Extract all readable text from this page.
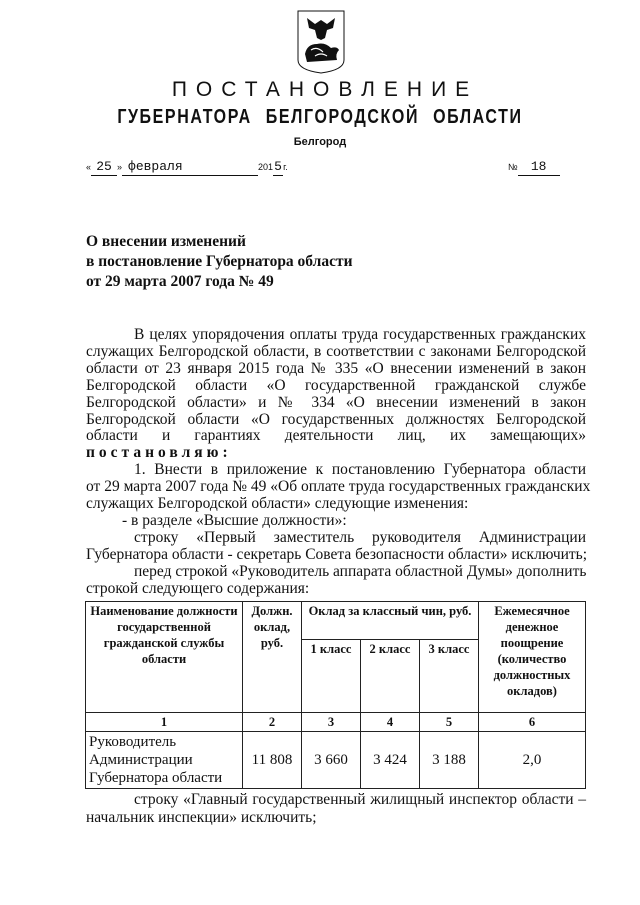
ПОСТАНОВЛЕНИЕ
ГУБЕРНАТОРА БЕЛГОРОДСКОЙ ОБЛАСТИ
Белгород
« 25 » февраля	2015г.	№ 18
О внесении изменений
в постановление Губернатора области
от 29 марта 2007 года № 49
В целях упорядочения оплаты труда государственных гражданских
служащих Белгородской области, в соответствии с законами Белгородской
области от 23 января 2015 года № 335 «О внесении изменений в закон
Белгородской области «О государственной гражданской службе
Белгородской области» и № 334 «О внесении изменений в закон
Белгородской области «О государственных должностях Белгородской
области и гарантиях деятельности лиц, их замещающих»
постановляю:
1. Внести в приложение к постановлению Губернатора области
от 29 марта 2007 года № 49 «Об оплате труда государственных гражданских
служащих Белгородской области» следующие изменения:
- в разделе «Высшие должности»:
строку «Первый заместитель руководителя Администрации
Губернатора области - секретарь Совета безопасности области» исключить;
перед строкой «Руководитель аппарата областной Думы» дополнить
строкой следующего содержания:
Наименование должности государственной гражданской службы области	Должн. оклад, руб.	Оклад за классный чин, руб.			Ежемесячное денежное поощрение (количество должностных окладов)
		1 класс	2 класс	3 класс	
1	2	3	4	5	6
Руководитель Администрации Губернатора области	11 808	3 660	3 424	3 188	2,0
строку «Главный государственный жилищный инспектор области –
начальник инспекции» исключить;
